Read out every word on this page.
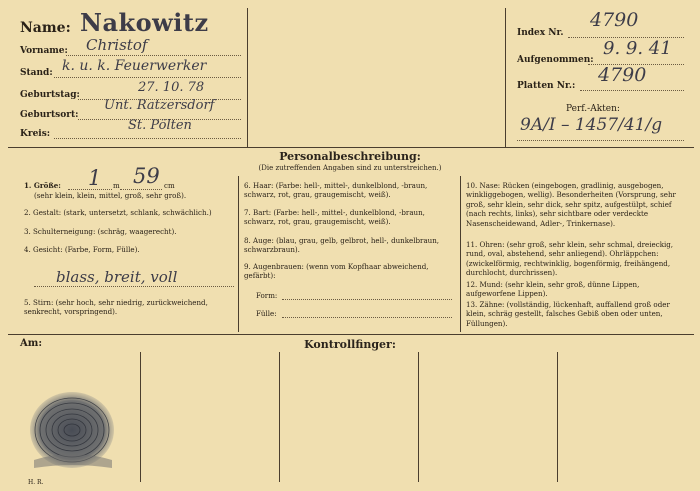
Name: Nakowitz
Vorname: Christof
Stand: k. u. k. Feuerwerker
Geburtstag:	27. 10. 78
Geburtsort:
Unt. Ratzersdorf
Kreis:
St. Pölten
Index Nr.
4790
Aufgenommen:
9. 9. 41
Platten Nr.: 4790
Perf.-Akten:
9A/I – 1457/41/g
Personalbeschreibung:
(Die zutreffenden Angaben sind zu unterstreichen.)
1. Größe: 1 m 59 cm
(sehr klein, klein, mittel, groß, sehr groß).
2. Gestalt: (stark, untersetzt, schlank, schwächlich.)
3. Schulterneigung: (schräg, waagerecht).
4. Gesicht: (Farbe, Form, Fülle).
blass, breit, voll
5. Stirn: (sehr hoch, sehr niedrig, zurückweichend, senkrecht, vorspringend).
6. Haar: (Farbe: hell-, mittel-, dunkelblond, -braun, schwarz, rot, grau, graugemischt, weiß).
7. Bart: (Farbe: hell-, mittel-, dunkelblond, -braun, schwarz, rot, grau, graugemischt, weiß).
8. Auge: (blau, grau, gelb, gelbrot, hell-, dunkelbraun, schwarzbraun).
9. Augenbrauen: (wenn vom Kopfhaar abweichend, gefärbt):
Form:
Fülle:
10. Nase: Rücken (eingebogen, gradlinig, ausgebogen, winkliggebogen, wellig). Besonderheiten (Vorsprung, sehr groß, sehr klein, sehr dick, sehr spitz, aufgestülpt, schief (nach rechts, links), sehr sichtbare oder verdeckte Nasenscheidewand, Adler-, Trinkernase).
11. Ohren: (sehr groß, sehr klein, sehr schmal, dreieckig, rund, oval, abstehend, sehr anliegend). Ohrläppchen: (zwickelförmig, rechtwinklig, bogenförmig, freihängend, durchlocht, durchrissen).
12. Mund: (sehr klein, sehr groß, dünne Lippen, aufgeworfene Lippen).
13. Zähne: (vollständig, lückenhaft, auffallend groß oder klein, schräg gestellt, falsches Gebiß oben oder unten, Füllungen).
Am:	Kontrollfinger:
H. R.
